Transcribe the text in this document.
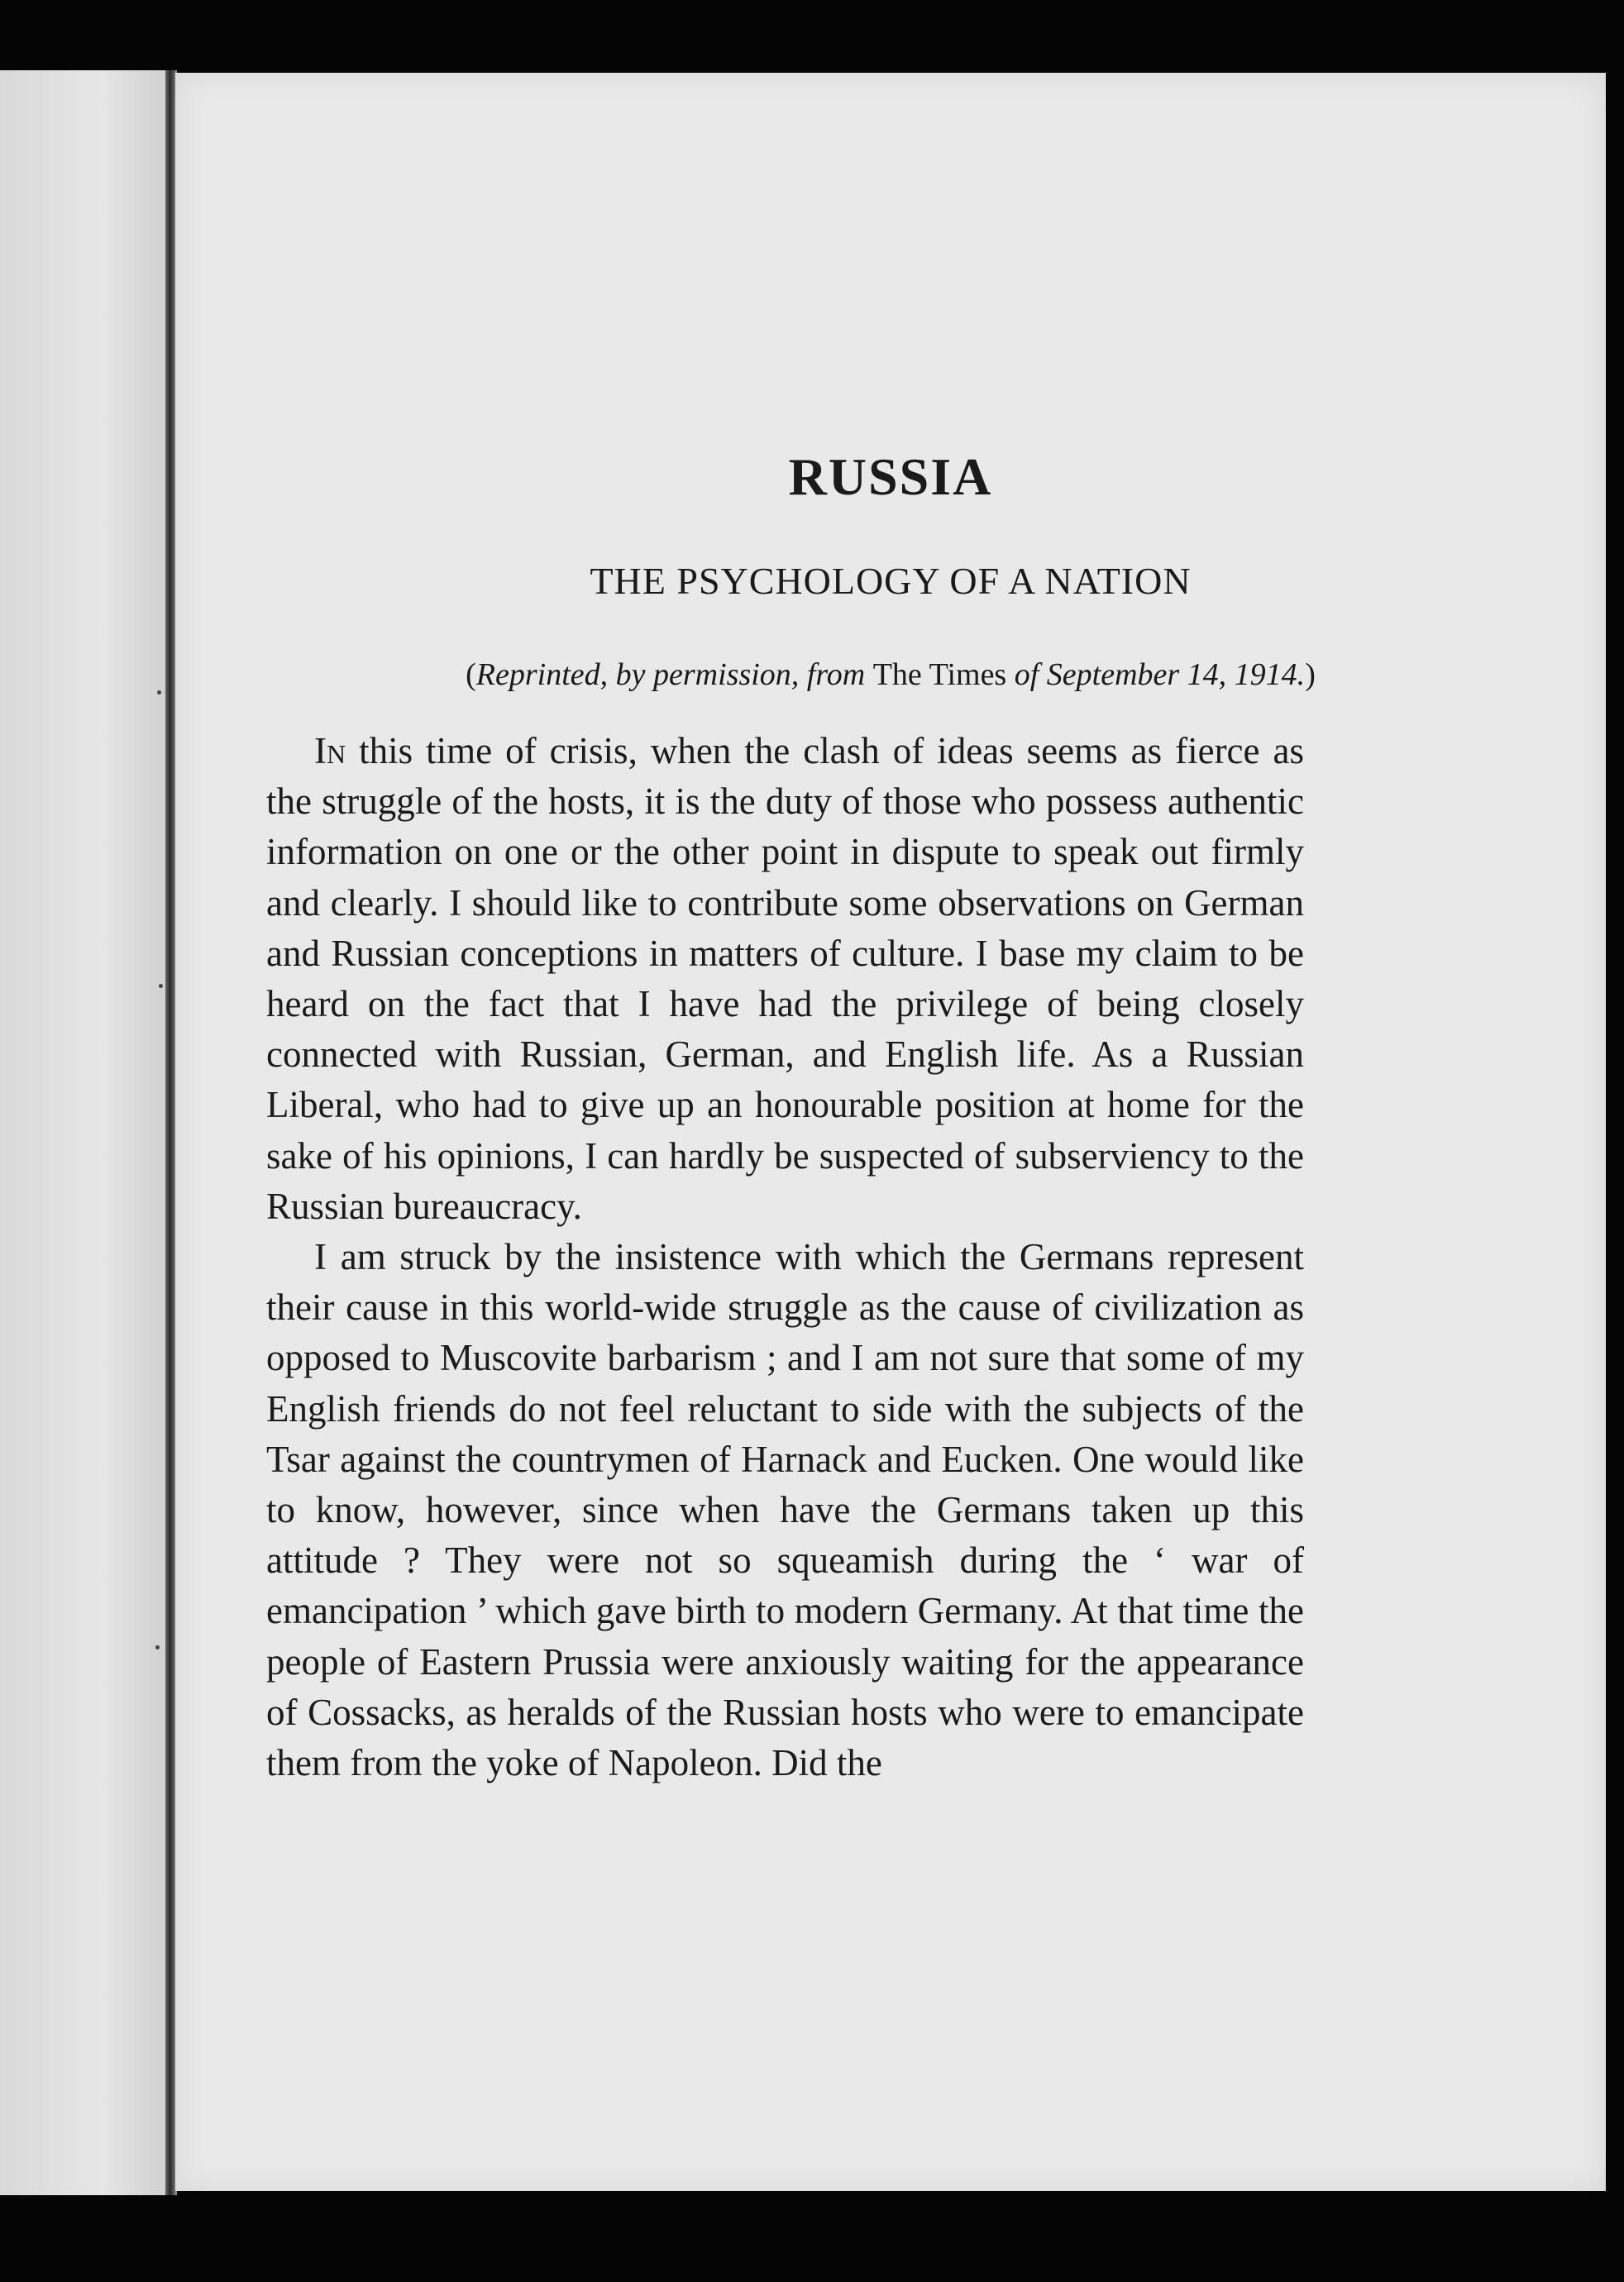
RUSSIA
THE PSYCHOLOGY OF A NATION
(Reprinted, by permission, from The Times of September 14, 1914.)

In this time of crisis, when the clash of ideas seems as fierce as the struggle of the hosts, it is the duty of those who possess authentic information on one or the other point in dispute to speak out firmly and clearly. I should like to contribute some observations on German and Russian conceptions in matters of culture. I base my claim to be heard on the fact that I have had the privilege of being closely connected with Russian, German, and English life. As a Russian Liberal, who had to give up an honourable position at home for the sake of his opinions, I can hardly be suspected of subserviency to the Russian bureaucracy.

I am struck by the insistence with which the Germans represent their cause in this world-wide struggle as the cause of civilization as opposed to Muscovite barbarism ; and I am not sure that some of my English friends do not feel reluctant to side with the subjects of the Tsar against the countrymen of Harnack and Eucken. One would like to know, however, since when have the Germans taken up this attitude ? They were not so squeamish during the ‘ war of emancipation ’ which gave birth to modern Germany. At that time the people of Eastern Prussia were anxiously waiting for the appearance of Cossacks, as heralds of the Russian hosts who were to emancipate them from the yoke of Napoleon. Did the
